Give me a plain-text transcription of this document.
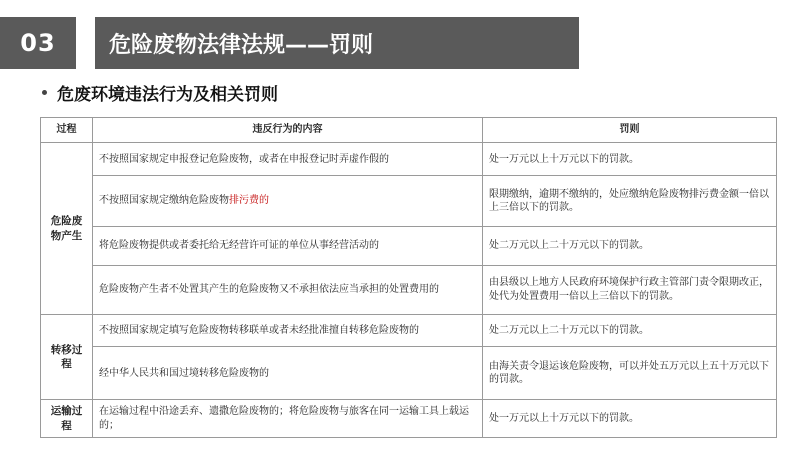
03	危险废物法律法规——罚则
危废环境违法行为及相关罚则
过程	违反行为的内容	罚则
危险废物产生	不按照国家规定申报登记危险废物，或者在申报登记时弄虚作假的	处一万元以上十万元以下的罚款。
	不按照国家规定缴纳危险废物排污费的	限期缴纳，逾期不缴纳的，处应缴纳危险废物排污费金额一倍以上三倍以下的罚款。
	将危险废物提供或者委托给无经营许可证的单位从事经营活动的	处二万元以上二十万元以下的罚款。
	危险废物产生者不处置其产生的危险废物又不承担依法应当承担的处置费用的	由县级以上地方人民政府环境保护行政主管部门责令限期改正，处代为处置费用一倍以上三倍以下的罚款。
转移过程	不按照国家规定填写危险废物转移联单或者未经批准擅自转移危险废物的	处二万元以上二十万元以下的罚款。
	经中华人民共和国过境转移危险废物的	由海关责令退运该危险废物，可以并处五万元以上五十万元以下的罚款。
运输过程	在运输过程中沿途丢弃、遗撒危险废物的；将危险废物与旅客在同一运输工具上载运的；	处一万元以上十万元以下的罚款。
